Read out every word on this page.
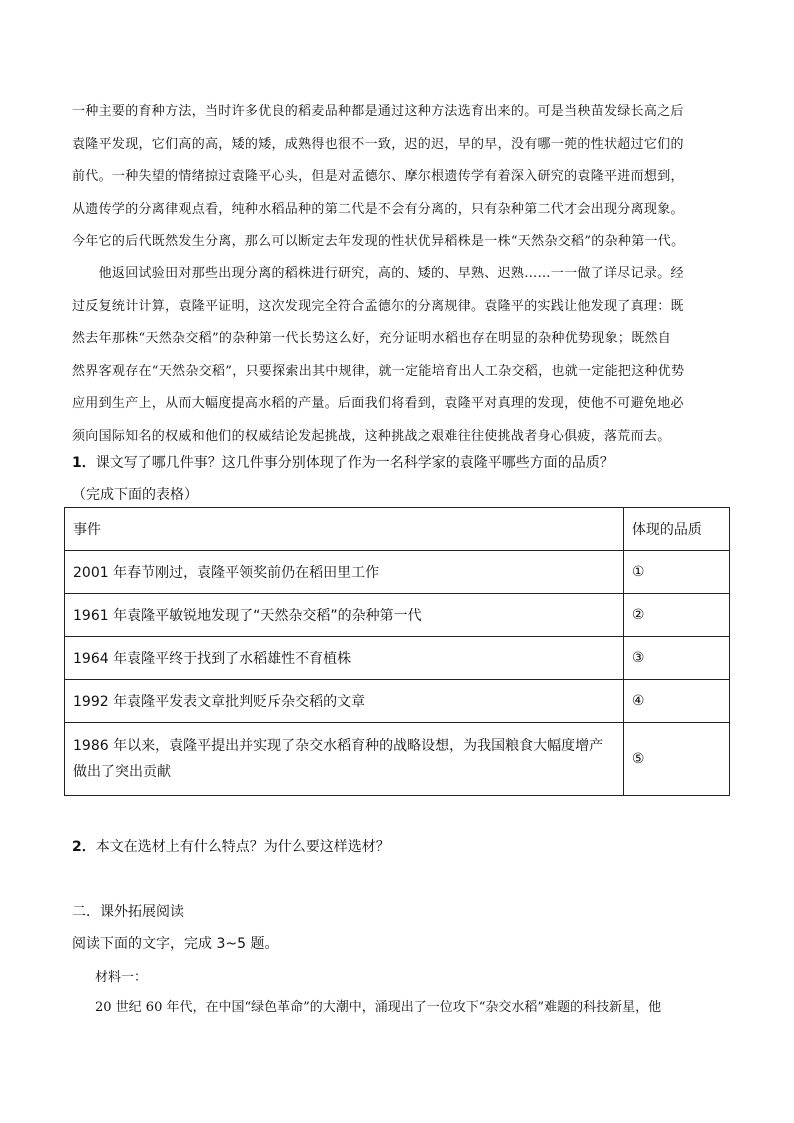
一种主要的育种方法，当时许多优良的稻麦品种都是通过这种方法选育出来的。可是当秧苗发绿长高之后
袁隆平发现，它们高的高，矮的矮，成熟得也很不一致，迟的迟，早的早，没有哪一蔸的性状超过它们的
前代。一种失望的情绪掠过袁隆平心头，但是对孟德尔、摩尔根遗传学有着深入研究的袁隆平进而想到，
从遗传学的分离律观点看，纯种水稻品种的第二代是不会有分离的，只有杂种第二代才会出现分离现象。
今年它的后代既然发生分离，那么可以断定去年发现的性状优异稻株是一株“天然杂交稻”的杂种第一代。
　　他返回试验田对那些出现分离的稻株进行研究，高的、矮的、早熟、迟熟……一一做了详尽记录。经
过反复统计计算，袁隆平证明，这次发现完全符合孟德尔的分离规律。袁隆平的实践让他发现了真理：既
然去年那株“天然杂交稻”的杂种第一代长势这么好，充分证明水稻也存在明显的杂种优势现象；既然自
然界客观存在“天然杂交稻”，只要探索出其中规律，就一定能培育出人工杂交稻，也就一定能把这种优势
应用到生产上，从而大幅度提高水稻的产量。后面我们将看到，袁隆平对真理的发现，使他不可避免地必
须向国际知名的权威和他们的权威结论发起挑战，这种挑战之艰难往往使挑战者身心俱疲，落荒而去。
1．课文写了哪几件事？这几件事分别体现了作为一名科学家的袁隆平哪些方面的品质？
（完成下面的表格）
事件	体现的品质
2001 年春节刚过，袁隆平领奖前仍在稻田里工作	①
1961 年袁隆平敏锐地发现了“天然杂交稻”的杂种第一代	②
1964 年袁隆平终于找到了水稻雄性不育植株	③
1992 年袁隆平发表文章批判贬斥杂交稻的文章	④
1986 年以来，袁隆平提出并实现了杂交水稻育种的战略设想，为我国粮食大幅度增产做出了突出贡献	⑤
2．本文在选材上有什么特点？为什么要这样选材？
二．课外拓展阅读
阅读下面的文字，完成 3~5 题。
材料一：
20 世纪 60 年代，在中国“绿色革命”的大潮中，涌现出了一位攻下“杂交水稻”难题的科技新星，他
